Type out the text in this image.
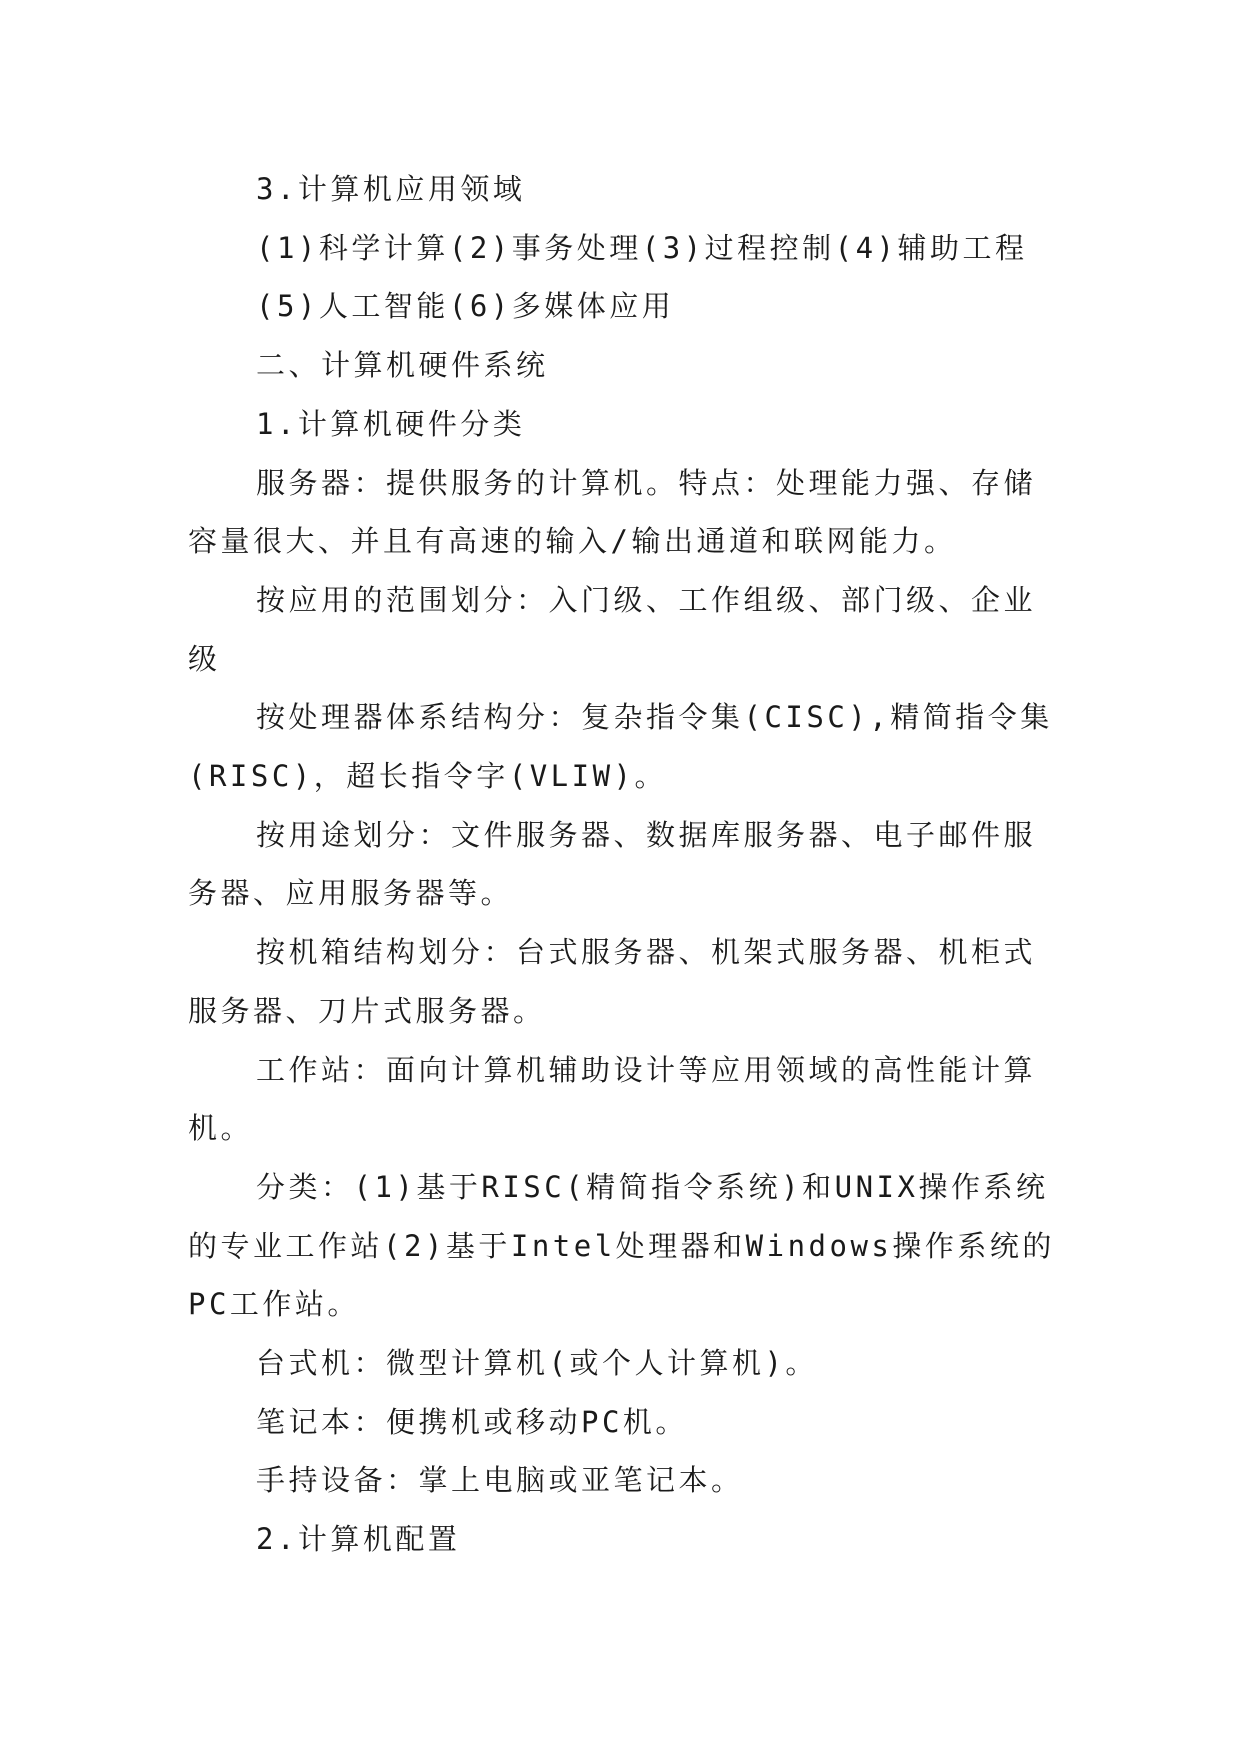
3.计算机应用领域

(1)科学计算(2)事务处理(3)过程控制(4)辅助工程

(5)人工智能(6)多媒体应用

二、计算机硬件系统

1.计算机硬件分类

服务器：提供服务的计算机。特点：处理能力强、存储容量很大、并且有高速的输入/输出通道和联网能力。

按应用的范围划分：入门级、工作组级、部门级、企业级

按处理器体系结构分：复杂指令集(CISC),精简指令集(RISC)，超长指令字(VLIW)。

按用途划分：文件服务器、数据库服务器、电子邮件服务器、应用服务器等。

按机箱结构划分：台式服务器、机架式服务器、机柜式服务器、刀片式服务器。

工作站：面向计算机辅助设计等应用领域的高性能计算机。

分类：(1)基于RISC(精简指令系统)和UNIX操作系统的专业工作站(2)基于Intel处理器和Windows操作系统的PC工作站。

台式机：微型计算机(或个人计算机)。

笔记本：便携机或移动PC机。

手持设备：掌上电脑或亚笔记本。

2.计算机配置
